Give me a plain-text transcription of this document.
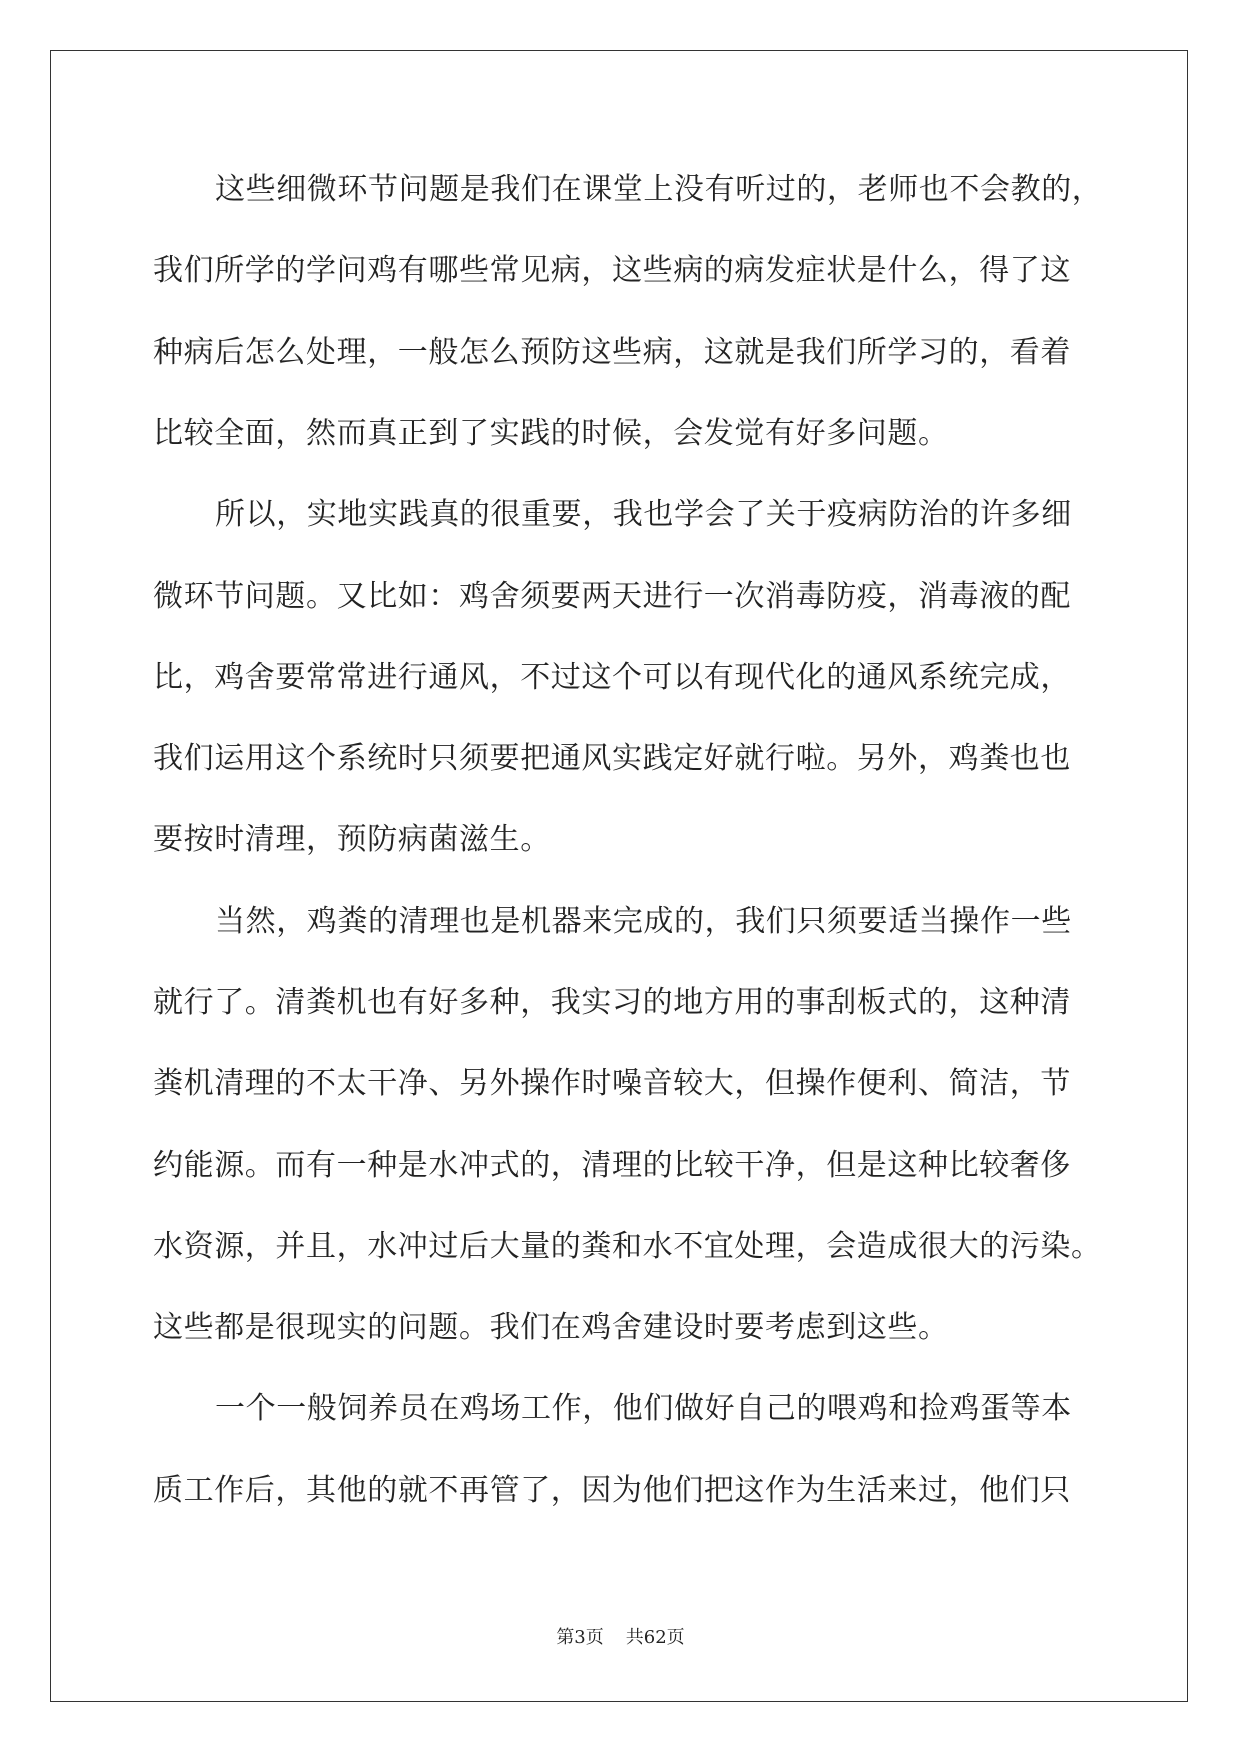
这些细微环节问题是我们在课堂上没有听过的，老师也不会教的，
我们所学的学问鸡有哪些常见病，这些病的病发症状是什么，得了这
种病后怎么处理，一般怎么预防这些病，这就是我们所学习的，看着
比较全面，然而真正到了实践的时候，会发觉有好多问题。
所以，实地实践真的很重要，我也学会了关于疫病防治的许多细
微环节问题。又比如：鸡舍须要两天进行一次消毒防疫，消毒液的配
比，鸡舍要常常进行通风，不过这个可以有现代化的通风系统完成，
我们运用这个系统时只须要把通风实践定好就行啦。另外，鸡粪也也
要按时清理，预防病菌滋生。
当然，鸡粪的清理也是机器来完成的，我们只须要适当操作一些
就行了。清粪机也有好多种，我实习的地方用的事刮板式的，这种清
粪机清理的不太干净、另外操作时噪音较大，但操作便利、简洁，节
约能源。而有一种是水冲式的，清理的比较干净，但是这种比较奢侈
水资源，并且，水冲过后大量的粪和水不宜处理，会造成很大的污染。
这些都是很现实的问题。我们在鸡舍建设时要考虑到这些。
一个一般饲养员在鸡场工作，他们做好自己的喂鸡和捡鸡蛋等本
质工作后，其他的就不再管了，因为他们把这作为生活来过，他们只
第3页 共62页
